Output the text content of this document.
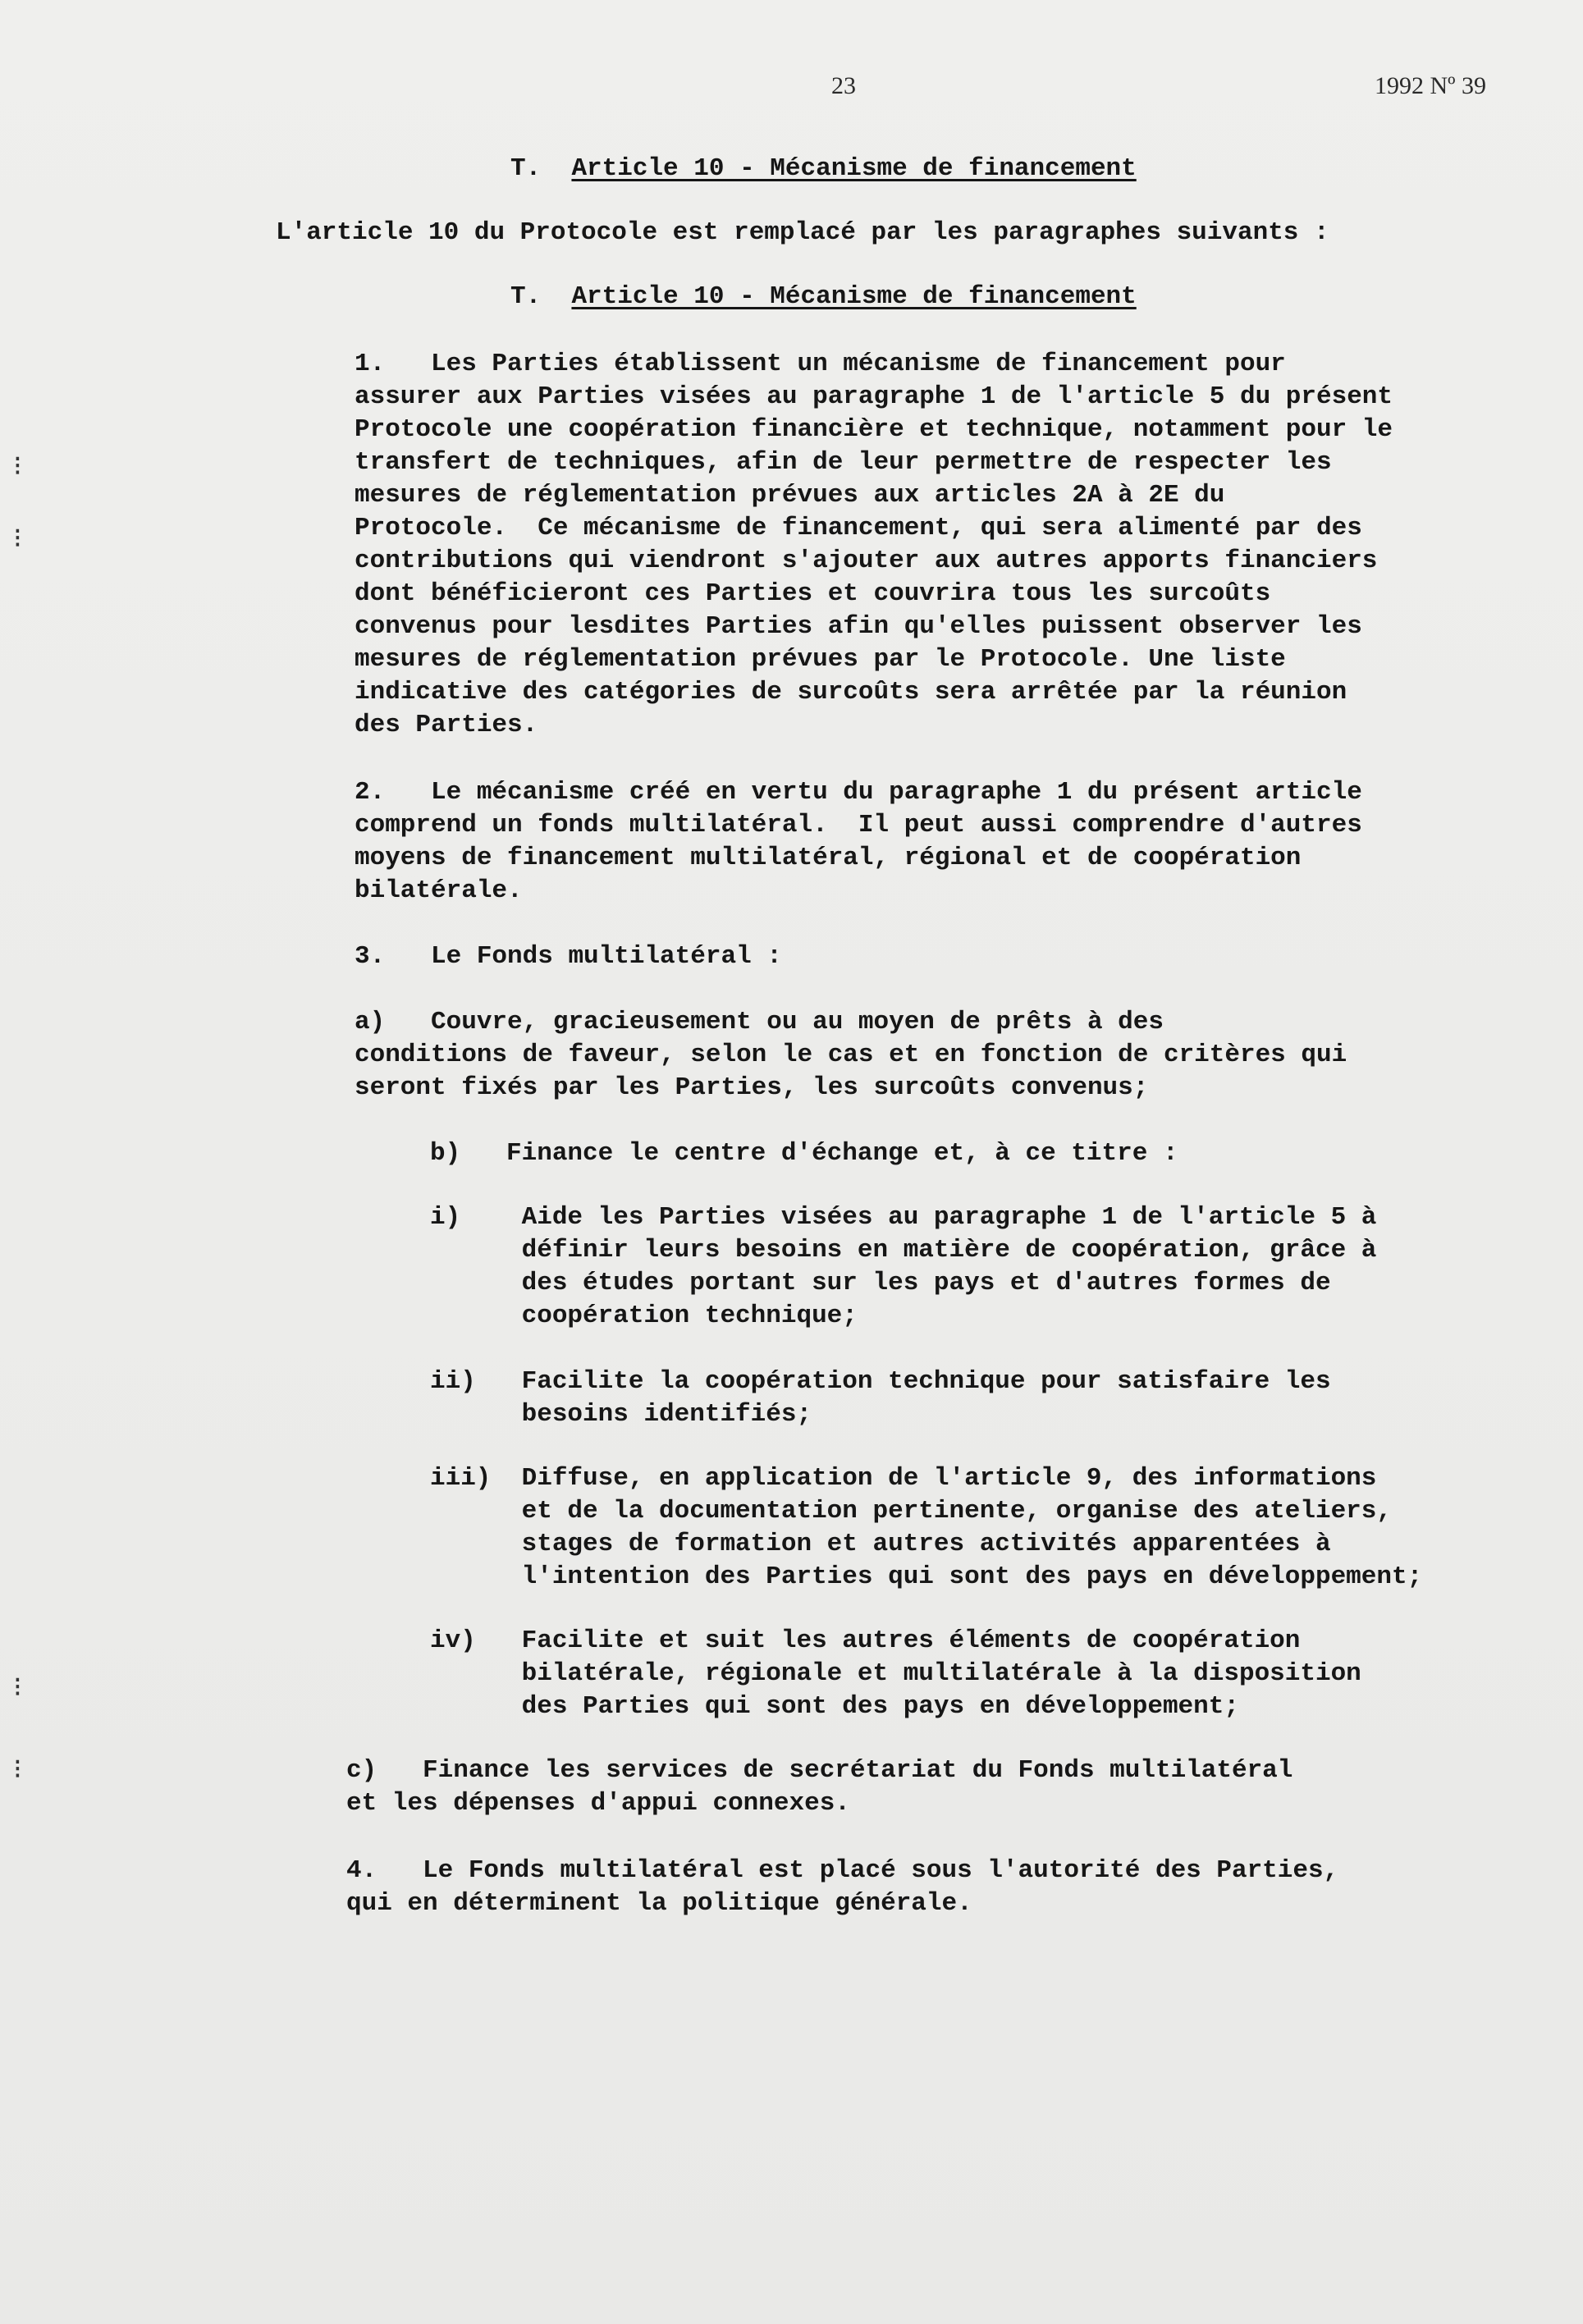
23	1992 Nº 39
T. Article 10 - Mécanisme de financement
L'article 10 du Protocole est remplacé par les paragraphes suivants :
T. Article 10 - Mécanisme de financement
⁝
⁝
⁝
⁝
1.   Les Parties établissent un mécanisme de financement pour
assurer aux Parties visées au paragraphe 1 de l'article 5 du présent
Protocole une coopération financière et technique, notamment pour le
transfert de techniques, afin de leur permettre de respecter les
mesures de réglementation prévues aux articles 2A à 2E du
Protocole.  Ce mécanisme de financement, qui sera alimenté par des
contributions qui viendront s'ajouter aux autres apports financiers
dont bénéficieront ces Parties et couvrira tous les surcoûts
convenus pour lesdites Parties afin qu'elles puissent observer les
mesures de réglementation prévues par le Protocole. Une liste
indicative des catégories de surcoûts sera arrêtée par la réunion
des Parties.
2.   Le mécanisme créé en vertu du paragraphe 1 du présent article
comprend un fonds multilatéral.  Il peut aussi comprendre d'autres
moyens de financement multilatéral, régional et de coopération
bilatérale.
3.   Le Fonds multilatéral :
a)   Couvre, gracieusement ou au moyen de prêts à des
conditions de faveur, selon le cas et en fonction de critères qui
seront fixés par les Parties, les surcoûts convenus;
b)   Finance le centre d'échange et, à ce titre :
i)    Aide les Parties visées au paragraphe 1 de l'article 5 à
définir leurs besoins en matière de coopération, grâce à
des études portant sur les pays et d'autres formes de
coopération technique;
ii)   Facilite la coopération technique pour satisfaire les
besoins identifiés;
iii)  Diffuse, en application de l'article 9, des informations
et de la documentation pertinente, organise des ateliers,
stages de formation et autres activités apparentées à
l'intention des Parties qui sont des pays en développement;
iv)   Facilite et suit les autres éléments de coopération
bilatérale, régionale et multilatérale à la disposition
des Parties qui sont des pays en développement;
c)   Finance les services de secrétariat du Fonds multilatéral
et les dépenses d'appui connexes.
4.   Le Fonds multilatéral est placé sous l'autorité des Parties,
qui en déterminent la politique générale.
